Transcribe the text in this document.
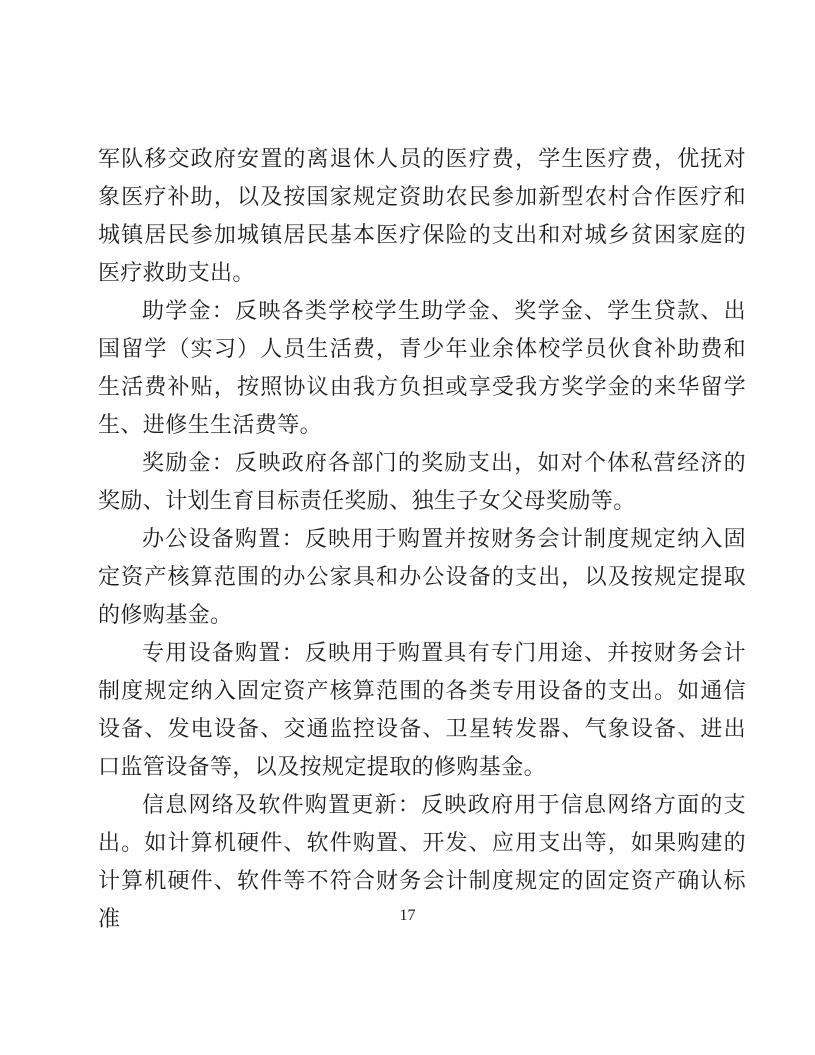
军队移交政府安置的离退休人员的医疗费，学生医疗费，优抚对象医疗补助，以及按国家规定资助农民参加新型农村合作医疗和城镇居民参加城镇居民基本医疗保险的支出和对城乡贫困家庭的医疗救助支出。

助学金：反映各类学校学生助学金、奖学金、学生贷款、出国留学（实习）人员生活费，青少年业余体校学员伙食补助费和生活费补贴，按照协议由我方负担或享受我方奖学金的来华留学生、进修生生活费等。

奖励金：反映政府各部门的奖励支出，如对个体私营经济的奖励、计划生育目标责任奖励、独生子女父母奖励等。

办公设备购置：反映用于购置并按财务会计制度规定纳入固定资产核算范围的办公家具和办公设备的支出，以及按规定提取的修购基金。

专用设备购置：反映用于购置具有专门用途、并按财务会计制度规定纳入固定资产核算范围的各类专用设备的支出。如通信设备、发电设备、交通监控设备、卫星转发器、气象设备、进出口监管设备等，以及按规定提取的修购基金。

信息网络及软件购置更新：反映政府用于信息网络方面的支出。如计算机硬件、软件购置、开发、应用支出等，如果购建的计算机硬件、软件等不符合财务会计制度规定的固定资产确认标准	17
